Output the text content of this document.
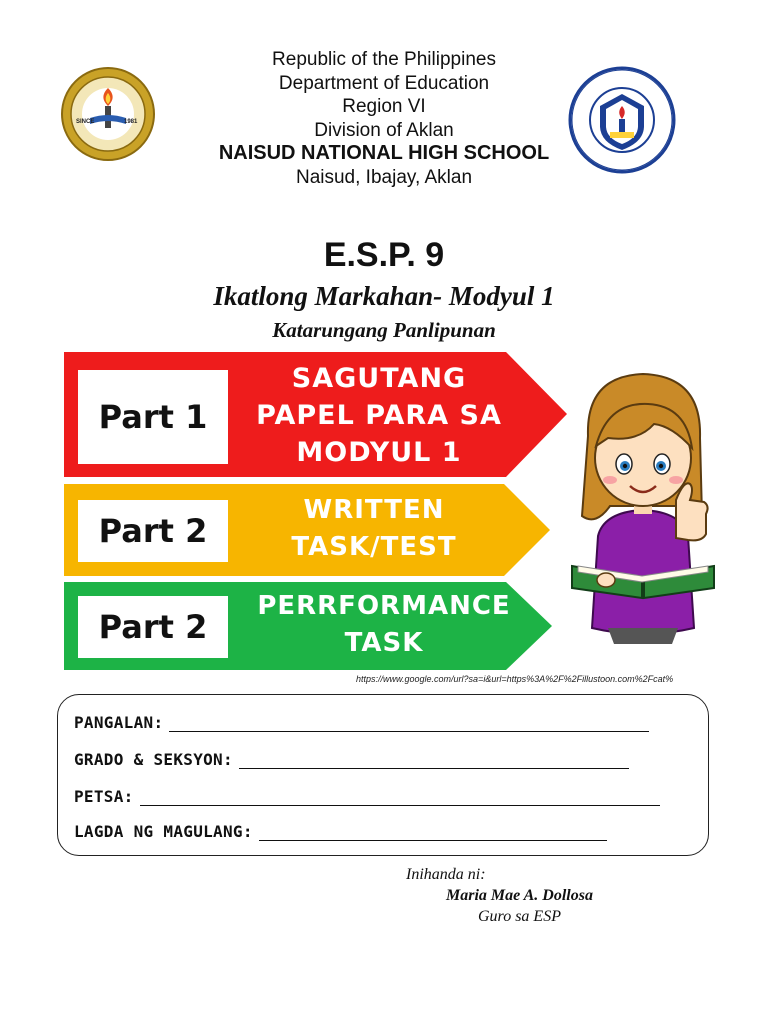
SINCE	1981
Republic of the Philippines
Department of Education
Region VI
Division of Aklan
NAISUD NATIONAL HIGH SCHOOL
Naisud, Ibajay, Aklan
E.S.P. 9
Ikatlong Markahan- Modyul 1
Katarungang Panlipunan
Part 1
SAGUTANG
PAPEL PARA SA
MODYUL 1
Part 2
WRITTEN
TASK/TEST
Part 2
PERRFORMANCE
TASK
https://www.google.com/url?sa=i&url=https%3A%2F%2Fillustoon.com%2Fcat%
PANGALAN:
GRADO & SEKSYON:
PETSA:
LAGDA NG MAGULANG:
Inihanda ni:
Maria Mae A. Dollosa
Guro sa ESP
